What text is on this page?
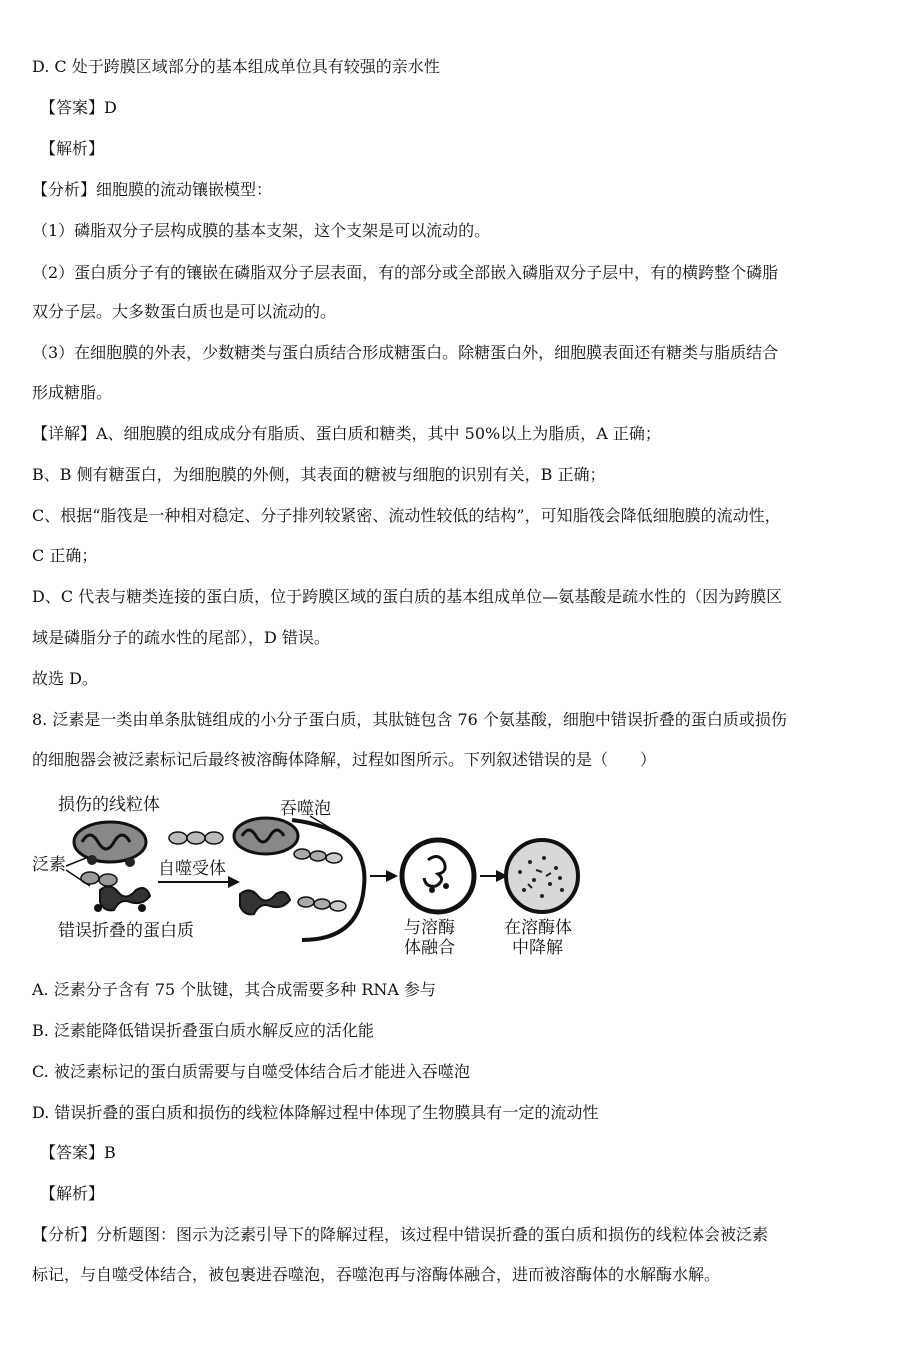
D. C 处于跨膜区域部分的基本组成单位具有较强的亲水性
【答案】D
【解析】
【分析】细胞膜的流动镶嵌模型：
（1）磷脂双分子层构成膜的基本支架，这个支架是可以流动的。
（2）蛋白质分子有的镶嵌在磷脂双分子层表面，有的部分或全部嵌入磷脂双分子层中，有的横跨整个磷脂
双分子层。大多数蛋白质也是可以流动的。
（3）在细胞膜的外表，少数糖类与蛋白质结合形成糖蛋白。除糖蛋白外，细胞膜表面还有糖类与脂质结合
形成糖脂。
【详解】A、细胞膜的组成成分有脂质、蛋白质和糖类，其中 50%以上为脂质，A 正确；
B、B 侧有糖蛋白，为细胞膜的外侧，其表面的糖被与细胞的识别有关，B 正确；
C、根据“脂筏是一种相对稳定、分子排列较紧密、流动性较低的结构”，可知脂筏会降低细胞膜的流动性，
C 正确；
D、C 代表与糖类连接的蛋白质，位于跨膜区域的蛋白质的基本组成单位—氨基酸是疏水性的（因为跨膜区
域是磷脂分子的疏水性的尾部），D 错误。
故选 D。
8. 泛素是一类由单条肽链组成的小分子蛋白质，其肽链包含 76 个氨基酸，细胞中错误折叠的蛋白质或损伤
的细胞器会被泛素标记后最终被溶酶体降解，过程如图所示。下列叙述错误的是（　　）
损伤的线粒体
泛素	自噬受体
错误折叠的蛋白质
吞噬泡
与溶酶
体融合
在溶酶体
中降解
A. 泛素分子含有 75 个肽键，其合成需要多种 RNA 参与
B. 泛素能降低错误折叠蛋白质水解反应的活化能
C. 被泛素标记的蛋白质需要与自噬受体结合后才能进入吞噬泡
D. 错误折叠的蛋白质和损伤的线粒体降解过程中体现了生物膜具有一定的流动性
【答案】B
【解析】
【分析】分析题图：图示为泛素引导下的降解过程，该过程中错误折叠的蛋白质和损伤的线粒体会被泛素
标记，与自噬受体结合，被包裹进吞噬泡，吞噬泡再与溶酶体融合，进而被溶酶体的水解酶水解。
